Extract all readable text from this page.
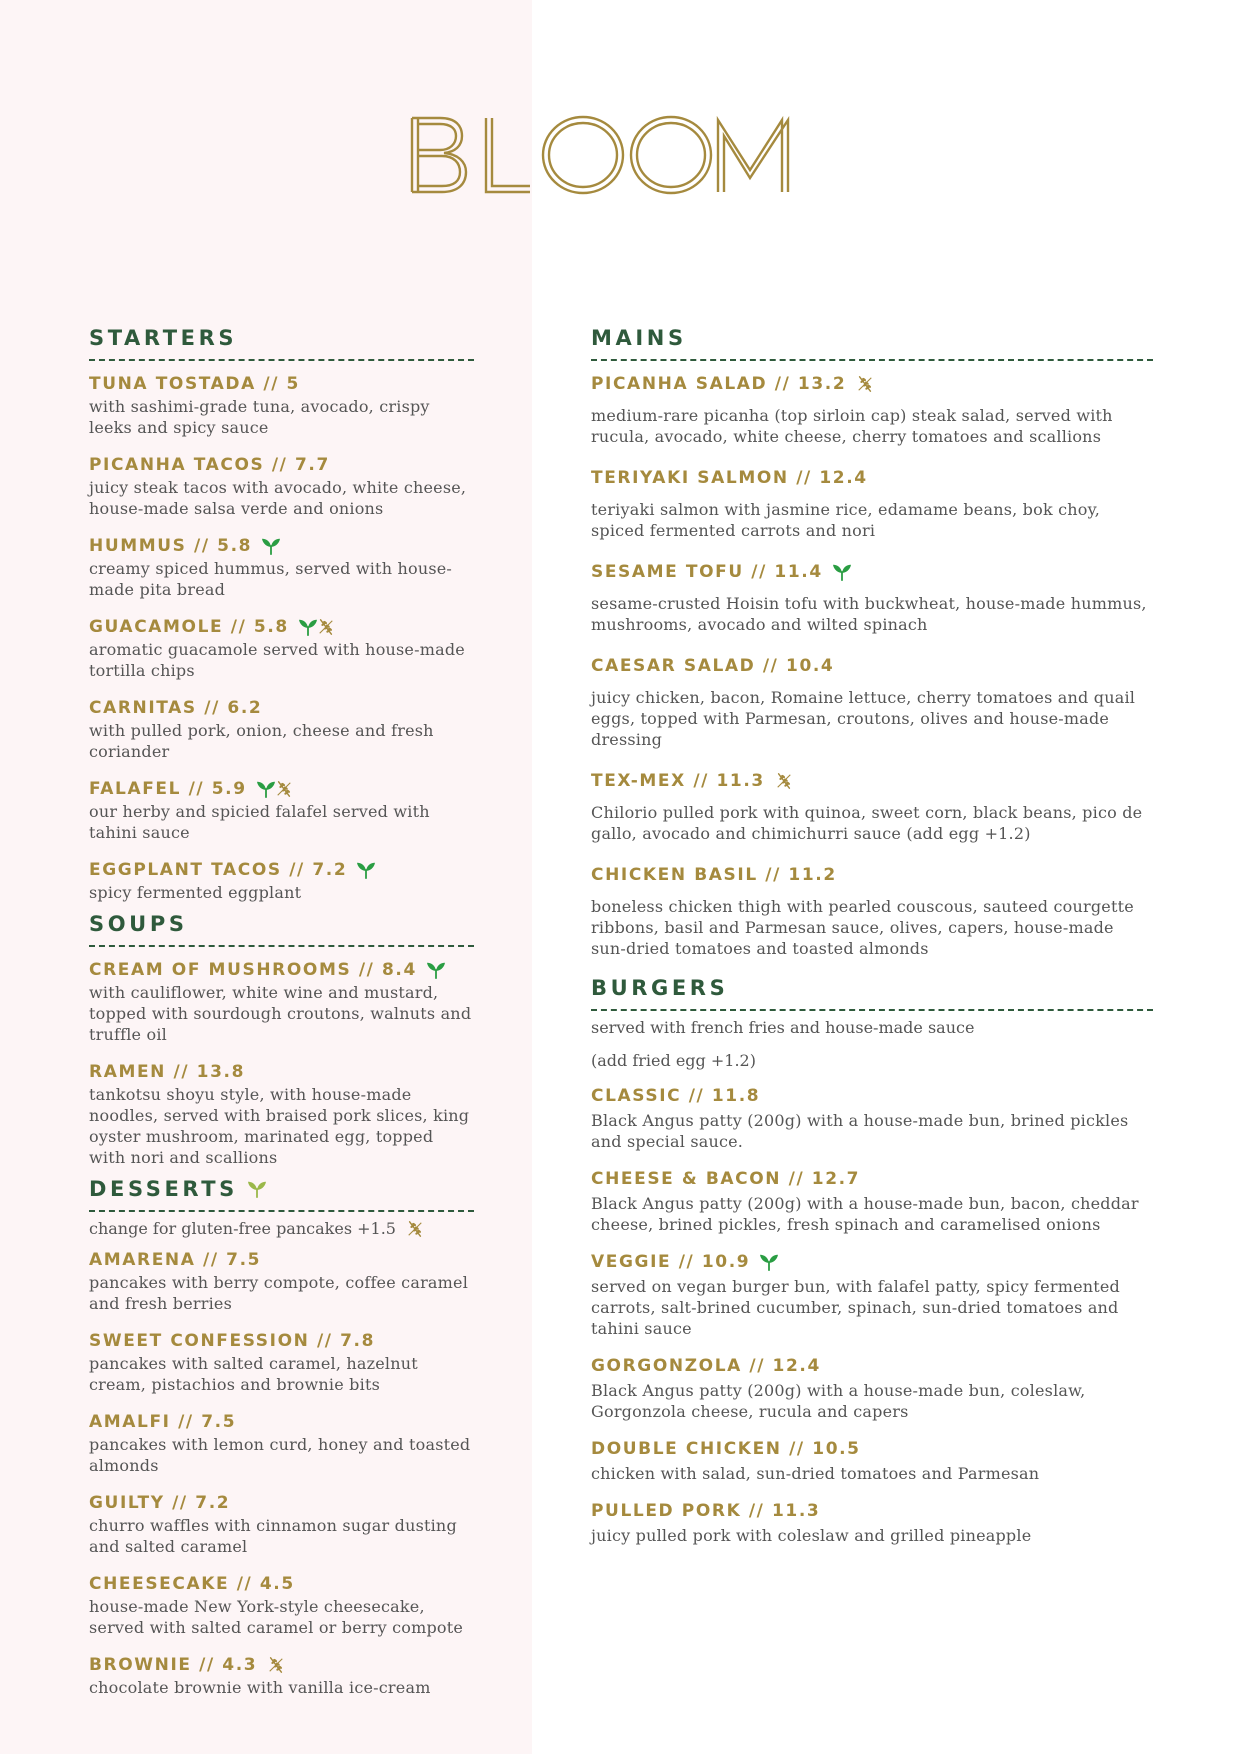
STARTERS
TUNA TOSTADA // 5

with sashimi-grade tuna, avocado, crispy leeks and spicy sauce

PICANHA TACOS // 7.7

juicy steak tacos with avocado, white cheese, house-made salsa verde and onions

HUMMUS // 5.8

creamy spiced hummus, served with house-made pita bread

GUACAMOLE // 5.8

aromatic guacamole served with house-made tortilla chips

CARNITAS // 6.2

with pulled pork, onion, cheese and fresh coriander

FALAFEL // 5.9

our herby and spicied falafel served with tahini sauce

EGGPLANT TACOS // 7.2

spicy fermented eggplant

SOUPS
CREAM OF MUSHROOMS // 8.4

with cauliflower, white wine and mustard, topped with sourdough croutons, walnuts and truffle oil

RAMEN // 13.8

tankotsu shoyu style, with house-made noodles, served with braised pork slices, king oyster mushroom, marinated egg, topped with nori and scallions

DESSERTS

change for gluten-free pancakes +1.5

AMARENA // 7.5

pancakes with berry compote, coffee caramel and fresh berries

SWEET CONFESSION // 7.8

pancakes with salted caramel, hazelnut cream, pistachios and brownie bits

AMALFI // 7.5

pancakes with lemon curd, honey and toasted almonds

GUILTY // 7.2

churro waffles with cinnamon sugar dusting and salted caramel

CHEESECAKE // 4.5

house-made New York-style cheesecake, served with salted caramel or berry compote

BROWNIE // 4.3

chocolate brownie with vanilla ice-cream

MAINS
PICANHA SALAD // 13.2

medium-rare picanha (top sirloin cap) steak salad, served with rucula, avocado, white cheese, cherry tomatoes and scallions

TERIYAKI SALMON // 12.4

teriyaki salmon with jasmine rice, edamame beans, bok choy, spiced fermented carrots and nori

SESAME TOFU // 11.4

sesame-crusted Hoisin tofu with buckwheat, house-made hummus, mushrooms, avocado and wilted spinach

CAESAR SALAD // 10.4

juicy chicken, bacon, Romaine lettuce, cherry tomatoes and quail eggs, topped with Parmesan, croutons, olives and house-made dressing

TEX-MEX // 11.3

Chilorio pulled pork with quinoa, sweet corn, black beans, pico de gallo, avocado and chimichurri sauce (add egg +1.2)

CHICKEN BASIL // 11.2

boneless chicken thigh with pearled couscous, sauteed courgette ribbons, basil and Parmesan sauce, olives, capers, house-made sun-dried tomatoes and toasted almonds

BURGERS

served with french fries and house-made sauce

(add fried egg +1.2)

CLASSIC // 11.8

Black Angus patty (200g) with a house-made bun, brined pickles and special sauce.

CHEESE & BACON // 12.7

Black Angus patty (200g) with a house-made bun, bacon, cheddar cheese, brined pickles, fresh spinach and caramelised onions

VEGGIE // 10.9

served on vegan burger bun, with falafel patty, spicy fermented carrots, salt-brined cucumber, spinach, sun-dried tomatoes and tahini sauce

GORGONZOLA // 12.4

Black Angus patty (200g) with a house-made bun, coleslaw, Gorgonzola cheese, rucula and capers

DOUBLE CHICKEN // 10.5

chicken with salad, sun-dried tomatoes and Parmesan

PULLED PORK // 11.3

juicy pulled pork with coleslaw and grilled pineapple
